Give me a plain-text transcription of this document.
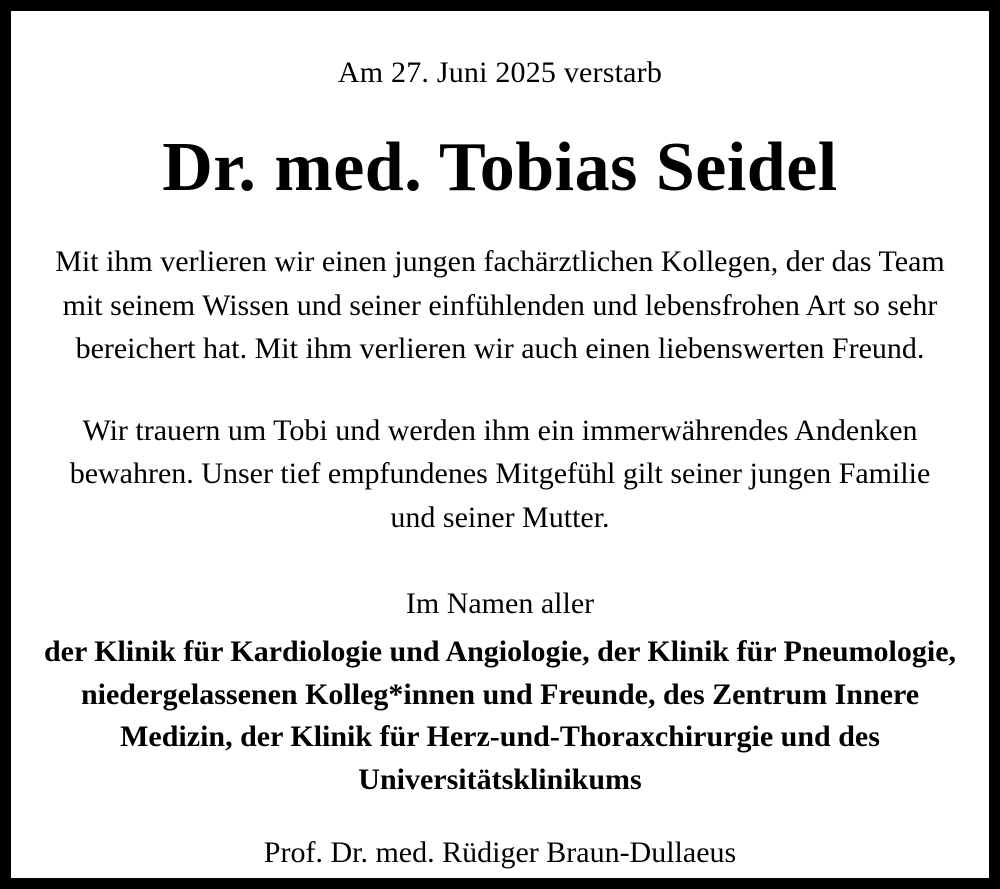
Am 27. Juni 2025 verstarb
Dr. med. Tobias Seidel
Mit ihm verlieren wir einen jungen fachärztlichen Kollegen, der das Team mit seinem Wissen und seiner einfühlenden und lebensfrohen Art so sehr bereichert hat. Mit ihm verlieren wir auch einen liebenswerten Freund.
Wir trauern um Tobi und werden ihm ein immerwährendes Andenken bewahren. Unser tief empfundenes Mitgefühl gilt seiner jungen Familie und seiner Mutter.
Im Namen aller
der Klinik für Kardiologie und Angiologie, der Klinik für Pneumologie, niedergelassenen Kolleg*innen und Freunde, des Zentrum Innere Medizin, der Klinik für Herz-und-Thoraxchirurgie und des Universitätsklinikums
Prof. Dr. med. Rüdiger Braun-Dullaeus
